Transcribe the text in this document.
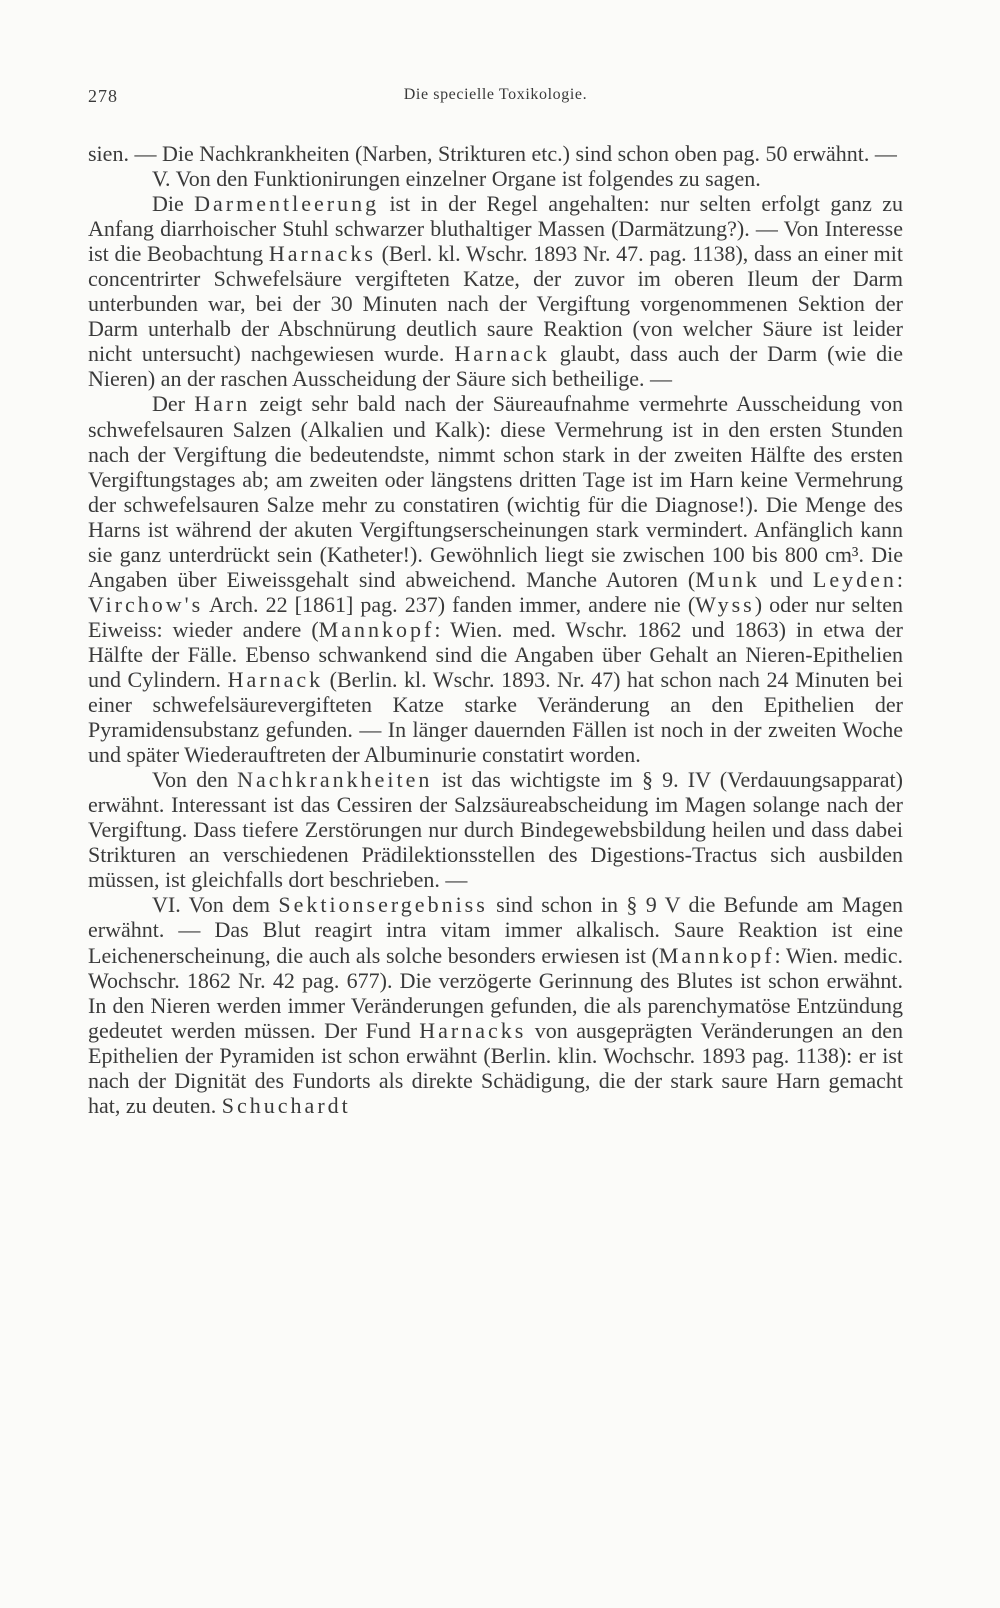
278	Die specielle Toxikologie.

sien. — Die Nachkrankheiten (Narben, Strikturen etc.) sind schon oben pag. 50 erwähnt. —

V. Von den Funktionirungen einzelner Organe ist folgendes zu sagen.

Die Darmentleerung ist in der Regel angehalten: nur selten erfolgt ganz zu Anfang diarrhoischer Stuhl schwarzer bluthaltiger Massen (Darmätzung?). — Von Interesse ist die Beobachtung Harnacks (Berl. kl. Wschr. 1893 Nr. 47. pag. 1138), dass an einer mit concentrirter Schwefelsäure vergifteten Katze, der zuvor im oberen Ileum der Darm unterbunden war, bei der 30 Minuten nach der Vergiftung vorgenommenen Sektion der Darm unterhalb der Abschnürung deutlich saure Reaktion (von welcher Säure ist leider nicht untersucht) nachgewiesen wurde. Harnack glaubt, dass auch der Darm (wie die Nieren) an der raschen Ausscheidung der Säure sich betheilige. —

Der Harn zeigt sehr bald nach der Säureaufnahme vermehrte Ausscheidung von schwefelsauren Salzen (Alkalien und Kalk): diese Vermehrung ist in den ersten Stunden nach der Vergiftung die bedeutendste, nimmt schon stark in der zweiten Hälfte des ersten Vergiftungstages ab; am zweiten oder längstens dritten Tage ist im Harn keine Vermehrung der schwefelsauren Salze mehr zu constatiren (wichtig für die Diagnose!). Die Menge des Harns ist während der akuten Vergiftungserscheinungen stark vermindert. Anfänglich kann sie ganz unterdrückt sein (Katheter!). Gewöhnlich liegt sie zwischen 100 bis 800 cm³. Die Angaben über Eiweissgehalt sind abweichend. Manche Autoren (Munk und Leyden: Virchow's Arch. 22 [1861] pag. 237) fanden immer, andere nie (Wyss) oder nur selten Eiweiss: wieder andere (Mannkopf: Wien. med. Wschr. 1862 und 1863) in etwa der Hälfte der Fälle. Ebenso schwankend sind die Angaben über Gehalt an Nieren-Epithelien und Cylindern. Harnack (Berlin. kl. Wschr. 1893. Nr. 47) hat schon nach 24 Minuten bei einer schwefelsäurevergifteten Katze starke Veränderung an den Epithelien der Pyramidensubstanz gefunden. — In länger dauernden Fällen ist noch in der zweiten Woche und später Wiederauftreten der Albuminurie constatirt worden.

Von den Nachkrankheiten ist das wichtigste im § 9. IV (Verdauungsapparat) erwähnt. Interessant ist das Cessiren der Salzsäureabscheidung im Magen solange nach der Vergiftung. Dass tiefere Zerstörungen nur durch Bindegewebsbildung heilen und dass dabei Strikturen an verschiedenen Prädilektionsstellen des Digestions-Tractus sich ausbilden müssen, ist gleichfalls dort beschrieben. —

VI. Von dem Sektionsergebniss sind schon in § 9 V die Befunde am Magen erwähnt. — Das Blut reagirt intra vitam immer alkalisch. Saure Reaktion ist eine Leichenerscheinung, die auch als solche besonders erwiesen ist (Mannkopf: Wien. medic. Wochschr. 1862 Nr. 42 pag. 677). Die verzögerte Gerinnung des Blutes ist schon erwähnt. In den Nieren werden immer Veränderungen gefunden, die als parenchymatöse Entzündung gedeutet werden müssen. Der Fund Harnacks von ausgeprägten Veränderungen an den Epithelien der Pyramiden ist schon erwähnt (Berlin. klin. Wochschr. 1893 pag. 1138): er ist nach der Dignität des Fundorts als direkte Schädigung, die der stark saure Harn gemacht hat, zu deuten. Schuchardt
